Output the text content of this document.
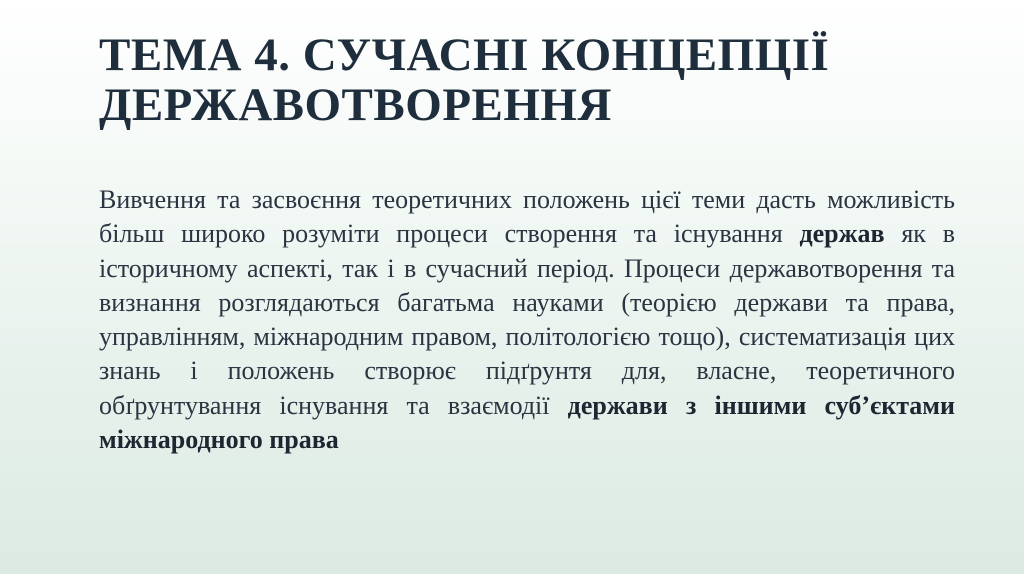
ТЕМА 4. СУЧАСНІ КОНЦЕПЦІЇ
ДЕРЖАВОТВОРЕННЯ

Вивчення та засвоєння теоретичних положень цієї теми дасть можливість більш широко розуміти процеси створення та існування держав як в історичному аспекті, так і в сучасний період. Процеси державотворення та визнання розглядаються багатьма науками (теорією держави та права, управлінням, міжнародним правом, політологією тощо), систематизація цих знань і положень створює підґрунтя для, власне, теоретичного обґрунтування існування та взаємодії держави з іншими суб’єктами міжнародного права
